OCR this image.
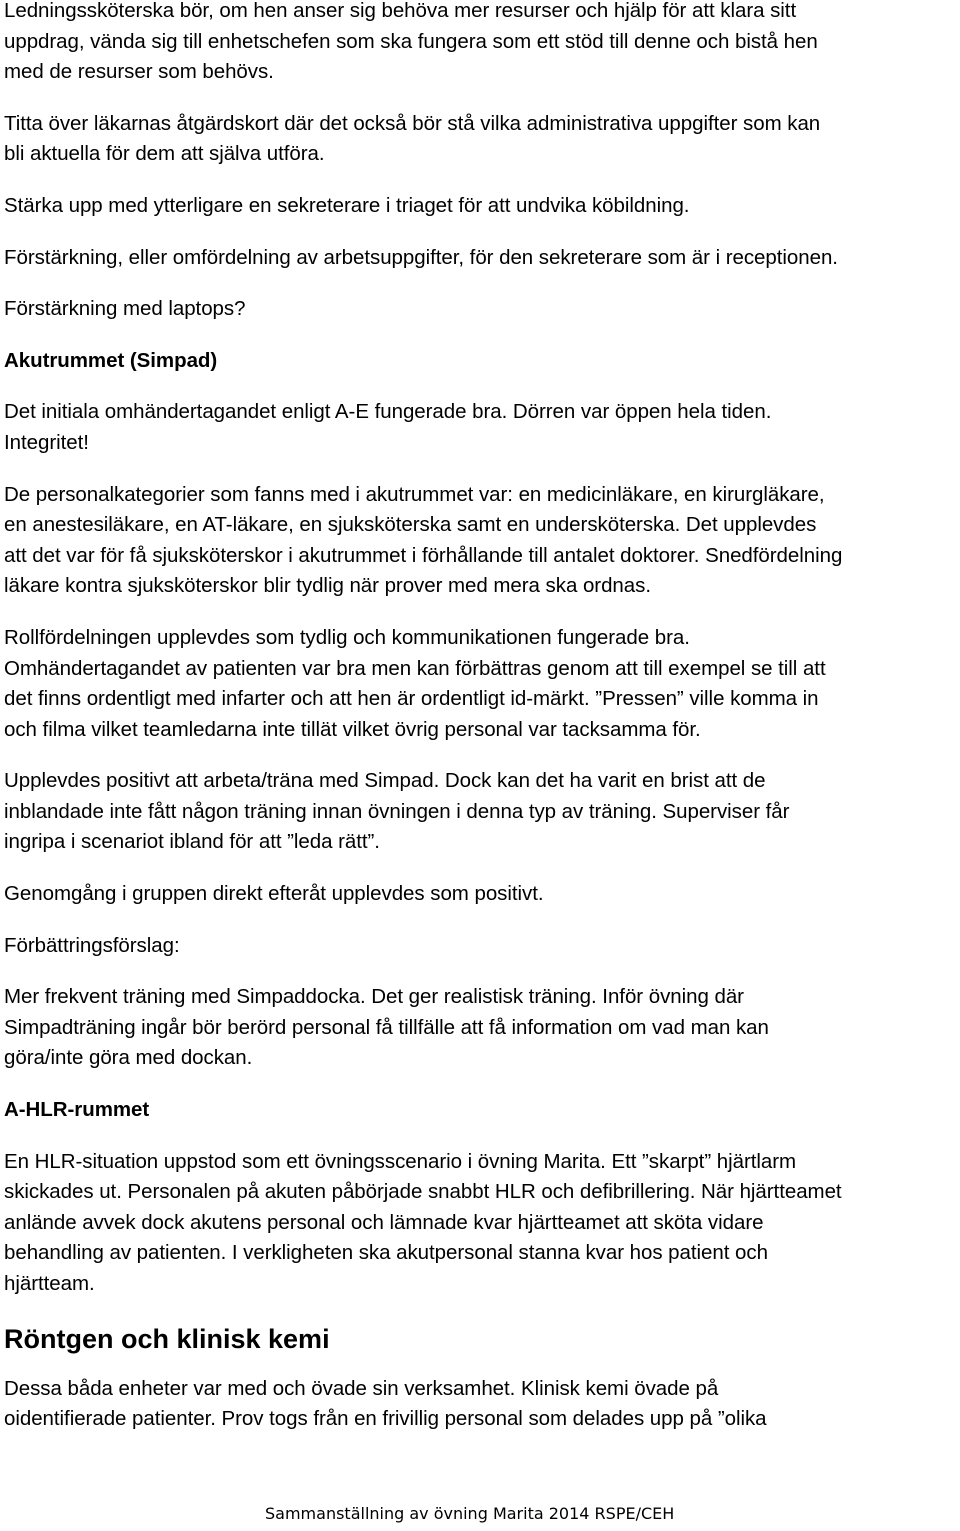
Ledningssköterska bör, om hen anser sig behöva mer resurser och hjälp för att klara sitt

uppdrag, vända sig till enhetschefen som ska fungera som ett stöd till denne och bistå hen

med de resurser som behövs.

Titta över läkarnas åtgärdskort där det också bör stå vilka administrativa uppgifter som kan

bli aktuella för dem att själva utföra.

Stärka upp med ytterligare en sekreterare i triaget för att undvika köbildning.

Förstärkning, eller omfördelning av arbetsuppgifter, för den sekreterare som är i receptionen.

Förstärkning med laptops?

Akutrummet (Simpad)

Det initiala omhändertagandet enligt A-E fungerade bra. Dörren var öppen hela tiden.

Integritet!

De personalkategorier som fanns med i akutrummet var: en medicinläkare, en kirurgläkare,

en anestesiläkare, en AT-läkare, en sjuksköterska samt en undersköterska. Det upplevdes

att det var för få sjuksköterskor i akutrummet i förhållande till antalet doktorer. Snedfördelning

läkare kontra sjuksköterskor blir tydlig när prover med mera ska ordnas.

Rollfördelningen upplevdes som tydlig och kommunikationen fungerade bra.

Omhändertagandet av patienten var bra men kan förbättras genom att till exempel se till att

det finns ordentligt med infarter och att hen är ordentligt id-märkt. ”Pressen” ville komma in

och filma vilket teamledarna inte tillät vilket övrig personal var tacksamma för.

Upplevdes positivt att arbeta/träna med Simpad. Dock kan det ha varit en brist att de

inblandade inte fått någon träning innan övningen i denna typ av träning. Superviser får

ingripa i scenariot ibland för att ”leda rätt”.

Genomgång i gruppen direkt efteråt upplevdes som positivt.

Förbättringsförslag:

Mer frekvent träning med Simpaddocka. Det ger realistisk träning. Inför övning där

Simpadträning ingår bör berörd personal få tillfälle att få information om vad man kan

göra/inte göra med dockan.

A-HLR-rummet

En HLR-situation uppstod som ett övningsscenario i övning Marita. Ett ”skarpt” hjärtlarm

skickades ut. Personalen på akuten påbörjade snabbt HLR och defibrillering. När hjärtteamet

anlände avvek dock akutens personal och lämnade kvar hjärtteamet att sköta vidare

behandling av patienten. I verkligheten ska akutpersonal stanna kvar hos patient och

hjärtteam.

Röntgen och klinisk kemi

Dessa båda enheter var med och övade sin verksamhet. Klinisk kemi övade på

oidentifierade patienter. Prov togs från en frivillig personal som delades upp på ”olika

Sammanställning av övning Marita 2014 RSPE/CEH
